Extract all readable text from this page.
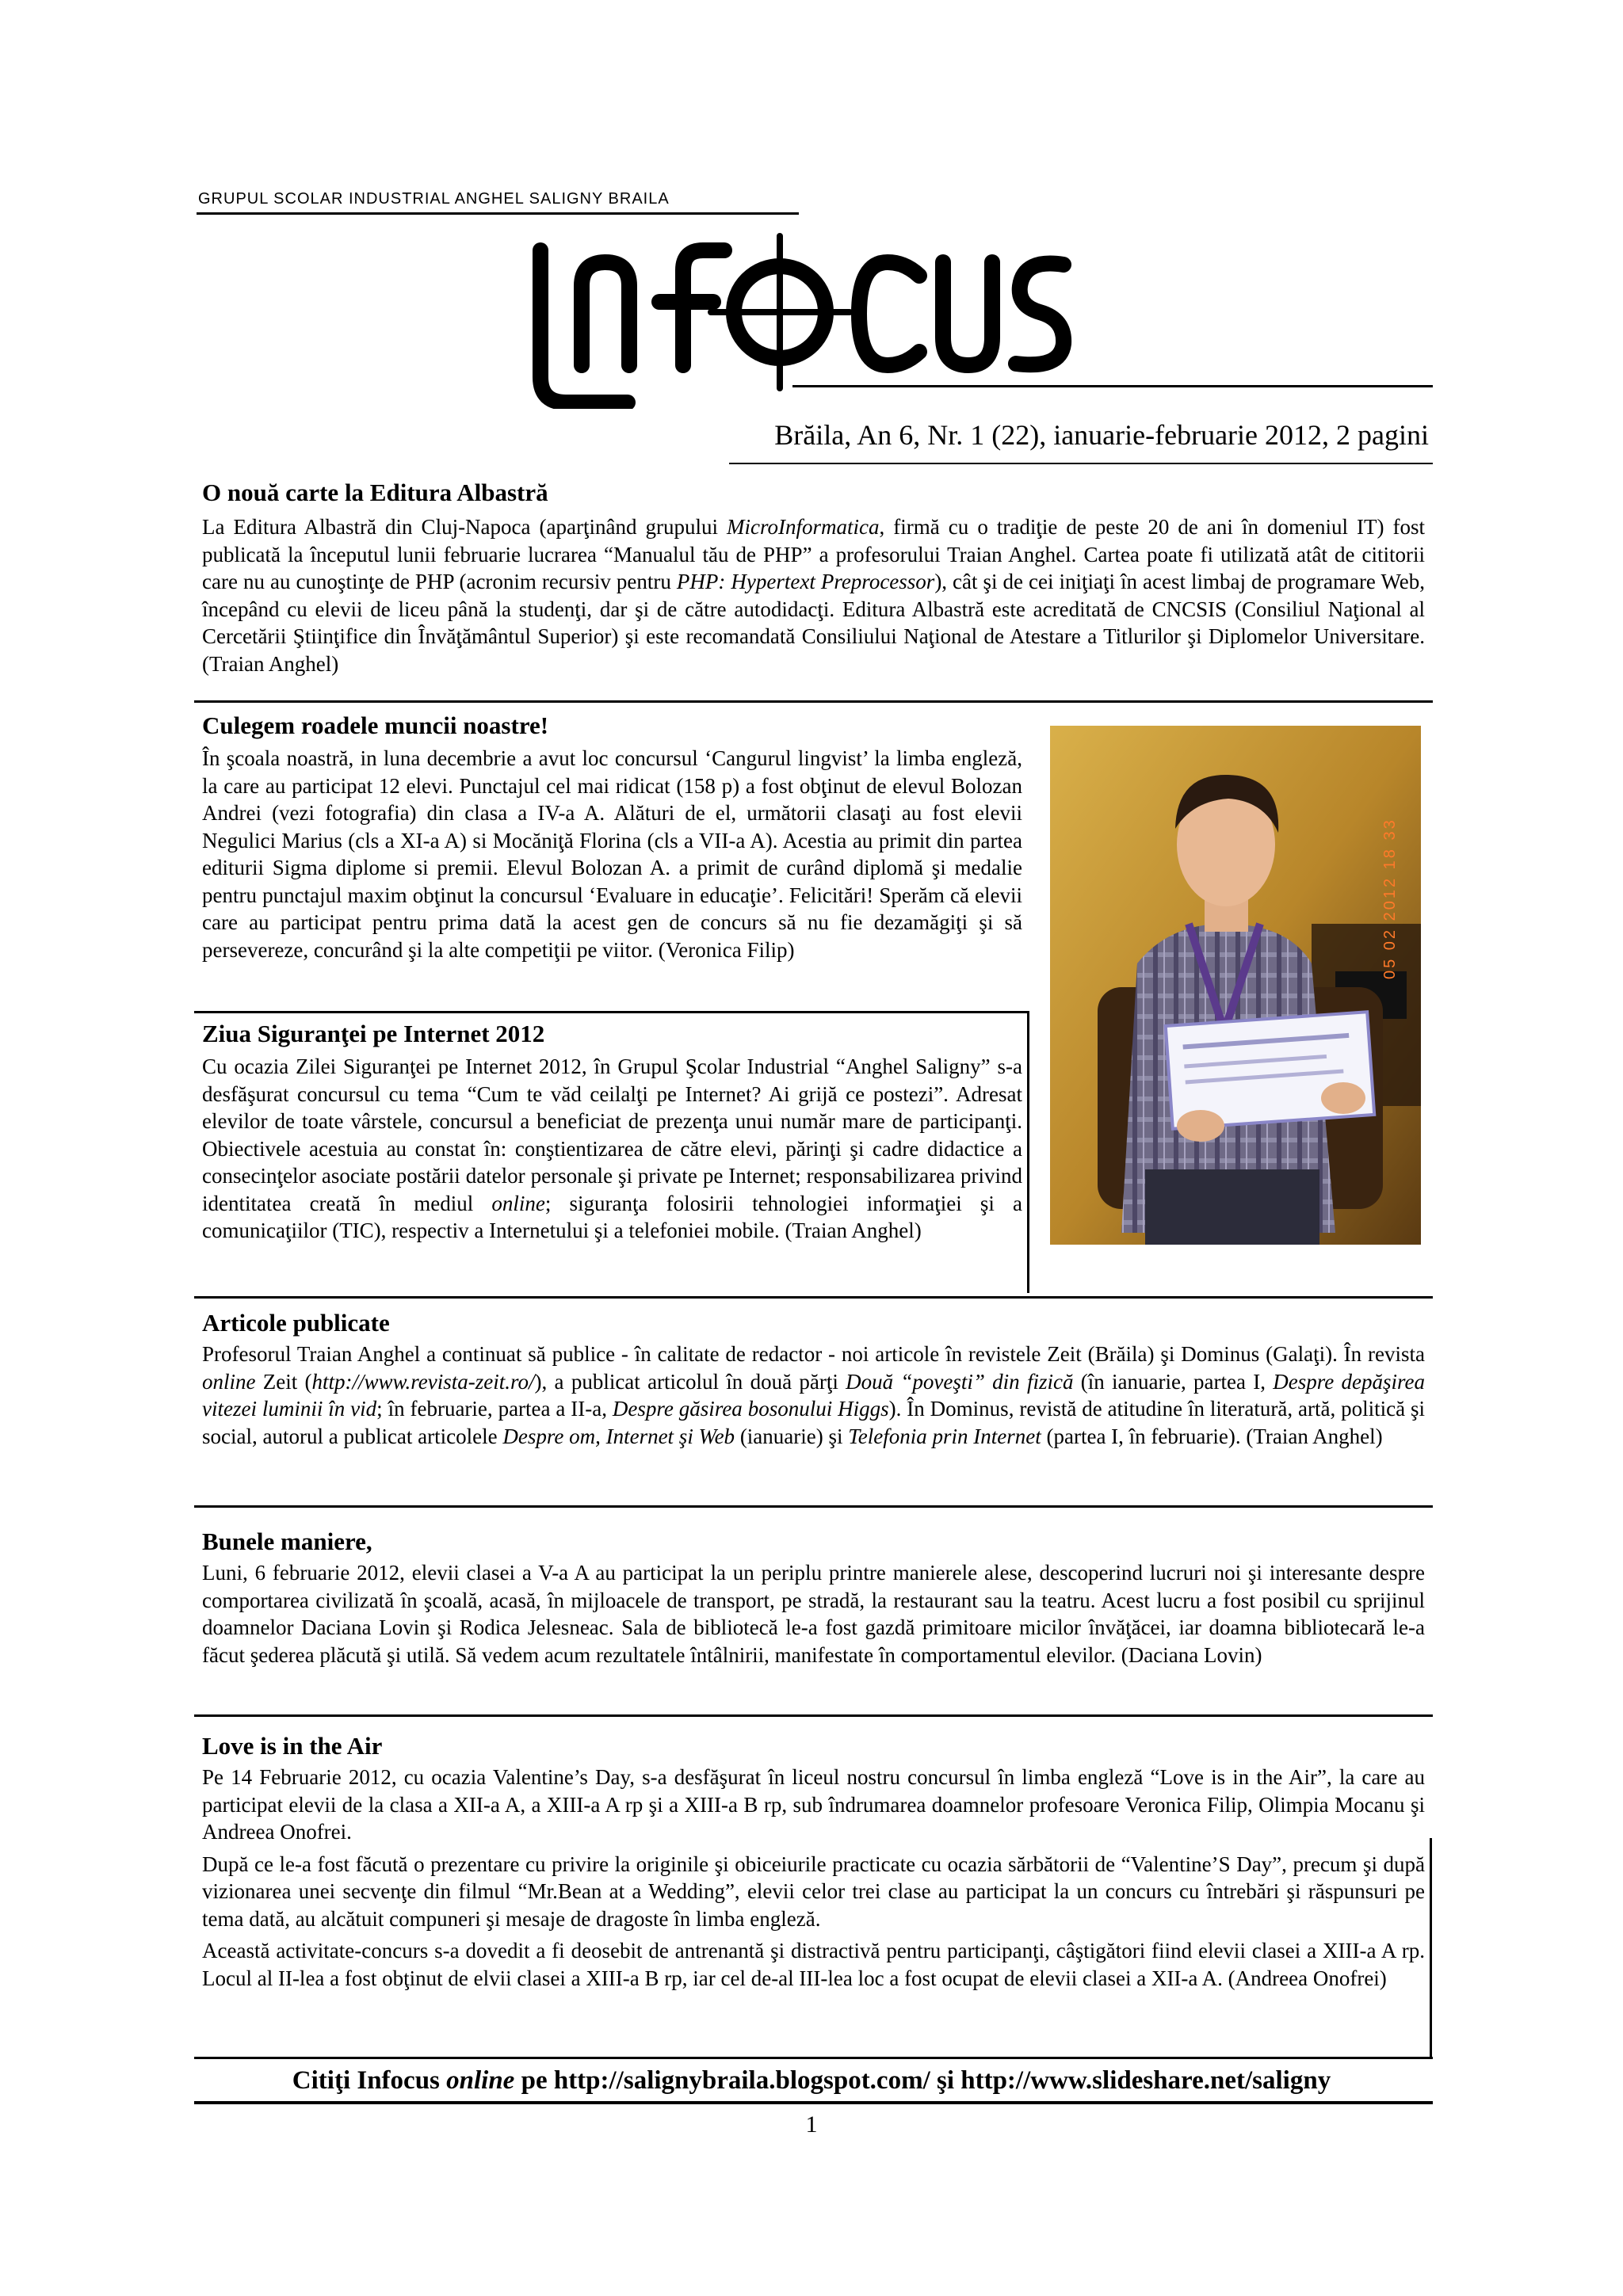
GRUPUL SCOLAR INDUSTRIAL ANGHEL SALIGNY BRAILA
Brăila, An 6, Nr. 1 (22), ianuarie-februarie 2012, 2 pagini
O nouă carte la Editura Albastră

La Editura Albastră din Cluj-Napoca (aparţinând grupului MicroInformatica, firmă cu o tradiţie de peste 20 de ani în domeniul IT) fost publicată la începutul lunii februarie lucrarea “Manualul tău de PHP” a profesorului Traian Anghel. Cartea poate fi utilizată atât de cititorii care nu au cunoştinţe de PHP (acronim recursiv pentru PHP: Hypertext Preprocessor), cât şi de cei iniţiaţi în acest limbaj de programare Web, începând cu elevii de liceu până la studenţi, dar şi de către autodidacţi. Editura Albastră este acreditată de CNCSIS (Consiliul Naţional al Cercetării Ştiinţifice din Învăţământul Superior) şi este recomandată Consiliului Naţional de Atestare a Titlurilor şi Diplomelor Universitare. (Traian Anghel)

Culegem roadele muncii noastre!

În şcoala noastră, in luna decembrie a avut loc concursul ‘Cangurul lingvist’ la limba engleză, la care au participat 12 elevi. Punctajul cel mai ridicat (158 p) a fost obţinut de elevul Bolozan Andrei (vezi fotografia) din clasa a IV-a A. Alături de el, următorii clasaţi au fost elevii Negulici Marius (cls a XI-a A) si Mocăniţă Florina (cls a VII-a A). Acestia au primit din partea editurii Sigma diplome si premii. Elevul Bolozan A. a primit de curând diplomă şi medalie pentru punctajul maxim obţinut la concursul ‘Evaluare in educaţie’. Felicitări! Sperăm că elevii care au participat pentru prima dată la acest gen de concurs să nu fie dezamăgiţi şi să persevereze, concurând şi la alte competiţii pe viitor. (Veronica Filip)	05 02 2012 18 33
Ziua Siguranţei pe Internet 2012

Cu ocazia Zilei Siguranţei pe Internet 2012, în Grupul Şcolar Industrial “Anghel Saligny” s-a desfăşurat concursul cu tema “Cum te văd ceilalţi pe Internet? Ai grijă ce postezi”. Adresat elevilor de toate vârstele, concursul a beneficiat de prezenţa unui număr mare de participanţi. Obiectivele acestuia au constat în: conştientizarea de către elevi, părinţi şi cadre didactice a consecinţelor asociate postării datelor personale şi private pe Internet; responsabilizarea privind identitatea creată în mediul online; siguranţa folosirii tehnologiei informaţiei şi a comunicaţiilor (TIC), respectiv a Internetului şi a telefoniei mobile. (Traian Anghel)

Articole publicate

Profesorul Traian Anghel a continuat să publice - în calitate de redactor - noi articole în revistele Zeit (Brăila) şi Dominus (Galaţi). În revista online Zeit (http://www.revista-zeit.ro/), a publicat articolul în două părţi Două “poveşti” din fizică (în ianuarie, partea I, Despre depăşirea vitezei luminii în vid; în februarie, partea a II-a, Despre găsirea bosonului Higgs). În Dominus, revistă de atitudine în literatură, artă, politică şi social, autorul a publicat articolele Despre om, Internet şi Web (ianuarie) şi Telefonia prin Internet (partea I, în februarie). (Traian Anghel)

Bunele maniere,

Luni, 6 februarie 2012, elevii clasei a V-a A au participat la un periplu printre manierele alese, descoperind lucruri noi şi interesante despre comportarea civilizată în şcoală, acasă, în mijloacele de transport, pe stradă, la restaurant sau la teatru. Acest lucru a fost posibil cu sprijinul doamnelor Daciana Lovin şi Rodica Jelesneac. Sala de bibliotecă le-a fost gazdă primitoare micilor învăţăcei, iar doamna bibliotecară le-a făcut şederea plăcută şi utilă. Să vedem acum rezultatele întâlnirii, manifestate în comportamentul elevilor. (Daciana Lovin)

Love is in the Air

Pe 14 Februarie 2012, cu ocazia Valentine’s Day, s-a desfăşurat în liceul nostru concursul în limba engleză “Love is in the Air”, la care au participat elevii de la clasa a XII-a A, a XIII-a A rp şi a XIII-a B rp, sub îndrumarea doamnelor profesoare Veronica Filip, Olimpia Mocanu şi Andreea Onofrei.

După ce le-a fost făcută o prezentare cu privire la originile şi obiceiurile practicate cu ocazia sărbătorii de “Valentine’S Day”, precum şi după vizionarea unei secvenţe din filmul “Mr.Bean at a Wedding”, elevii celor trei clase au participat la un concurs cu întrebări şi răspunsuri pe tema dată, au alcătuit compuneri şi mesaje de dragoste în limba engleză.

Această activitate-concurs s-a dovedit a fi deosebit de antrenantă şi distractivă pentru participanţi, câştigători fiind elevii clasei a XIII-a A rp. Locul al II-lea a fost obţinut de elvii clasei a XIII-a B rp, iar cel de-al III-lea loc a fost ocupat de elevii clasei a XII-a A. (Andreea Onofrei)

Citiţi Infocus online pe http://salignybraila.blogspot.com/ şi http://www.slideshare.net/saligny
1
